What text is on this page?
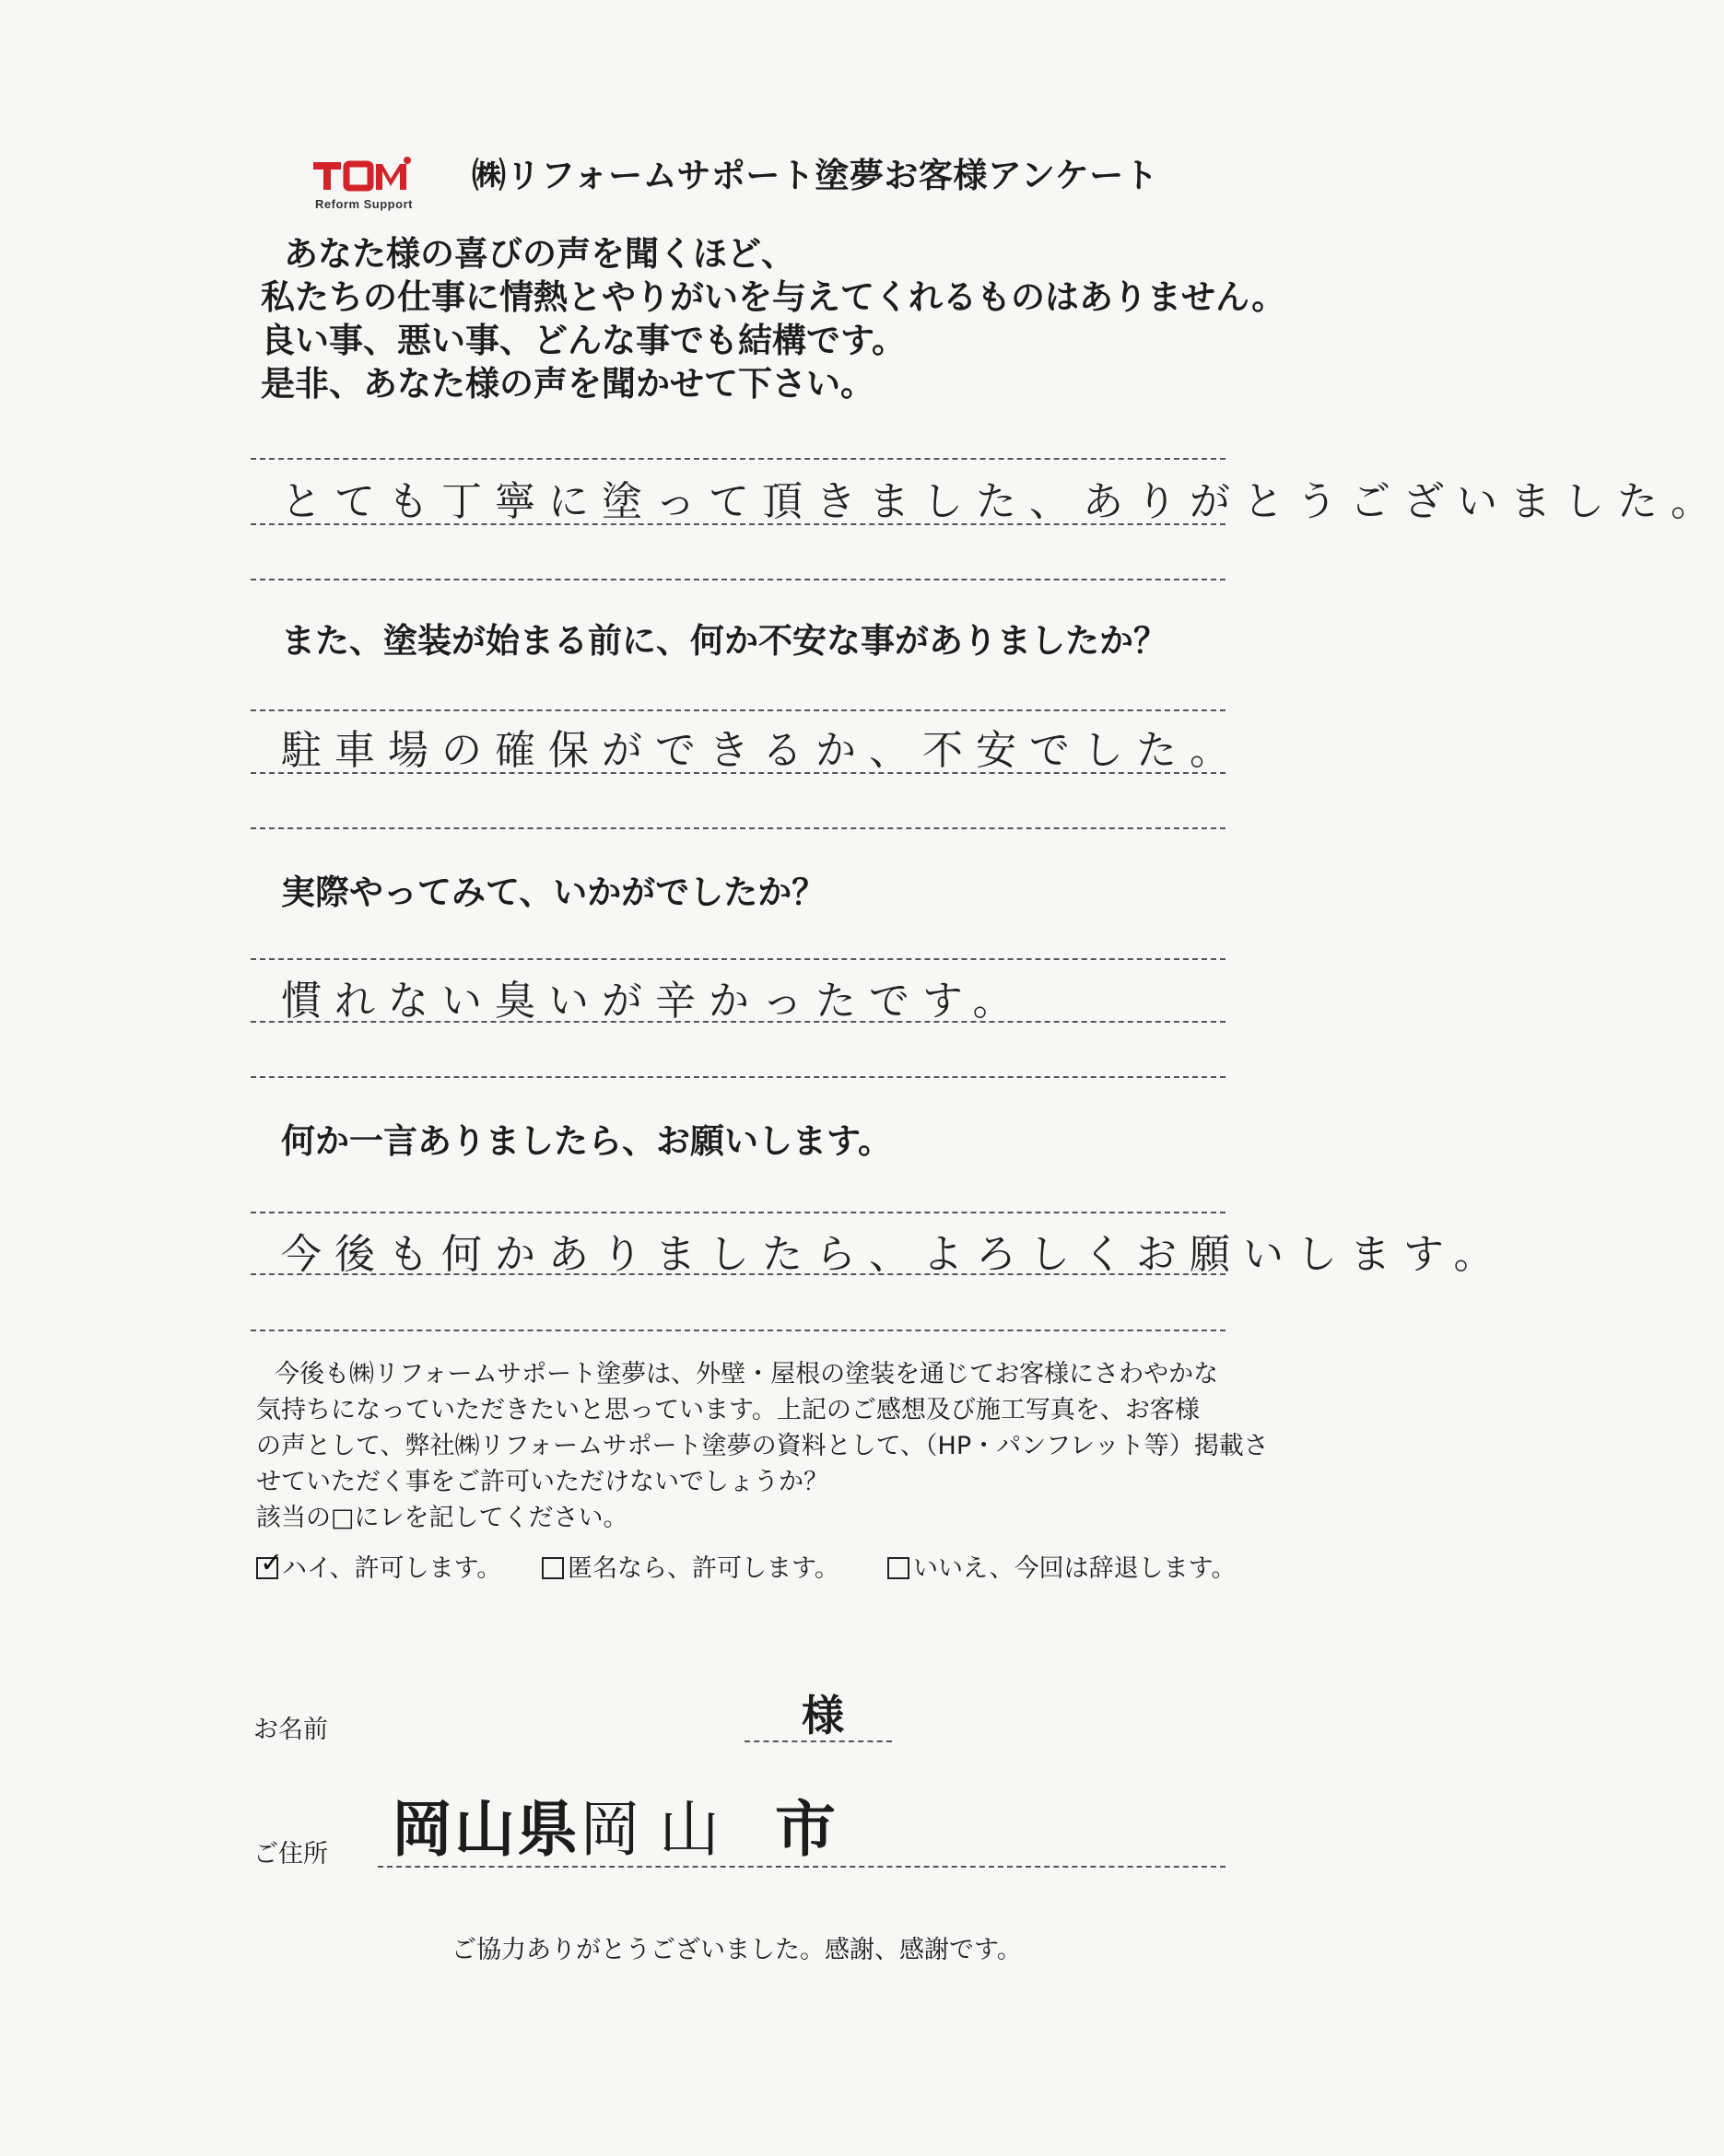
Reform Support
㈱リフォームサポート塗夢お客様アンケート
あなた様の喜びの声を聞くほど、
私たちの仕事に情熱とやりがいを与えてくれるものはありません。
良い事、悪い事、どんな事でも結構です。
是非、あなた様の声を聞かせて下さい。
とても丁寧に塗って頂きました、ありがとうございました。
また、塗装が始まる前に、何か不安な事がありましたか？
駐車場の確保ができるか、不安でした。
実際やってみて、いかがでしたか？
慣れない臭いが辛かったです。
何か一言ありましたら、お願いします。
今後も何かありましたら、よろしくお願いします。
今後も㈱リフォームサポート塗夢は、外壁・屋根の塗装を通じてお客様にさわやかな
気持ちになっていただきたいと思っています。上記のご感想及び施工写真を、お客様
の声として、弊社㈱リフォームサポート塗夢の資料として、（HP・パンフレット等）掲載さ
せていただく事をご許可いただけないでしょうか？
該当の□にレを記してください。
✓
ハイ、許可します。	匿名なら、許可します。	いいえ、今回は辞退します。
お名前	様
ご住所 岡山県岡山 市
ご協力ありがとうございました。感謝、感謝です。
